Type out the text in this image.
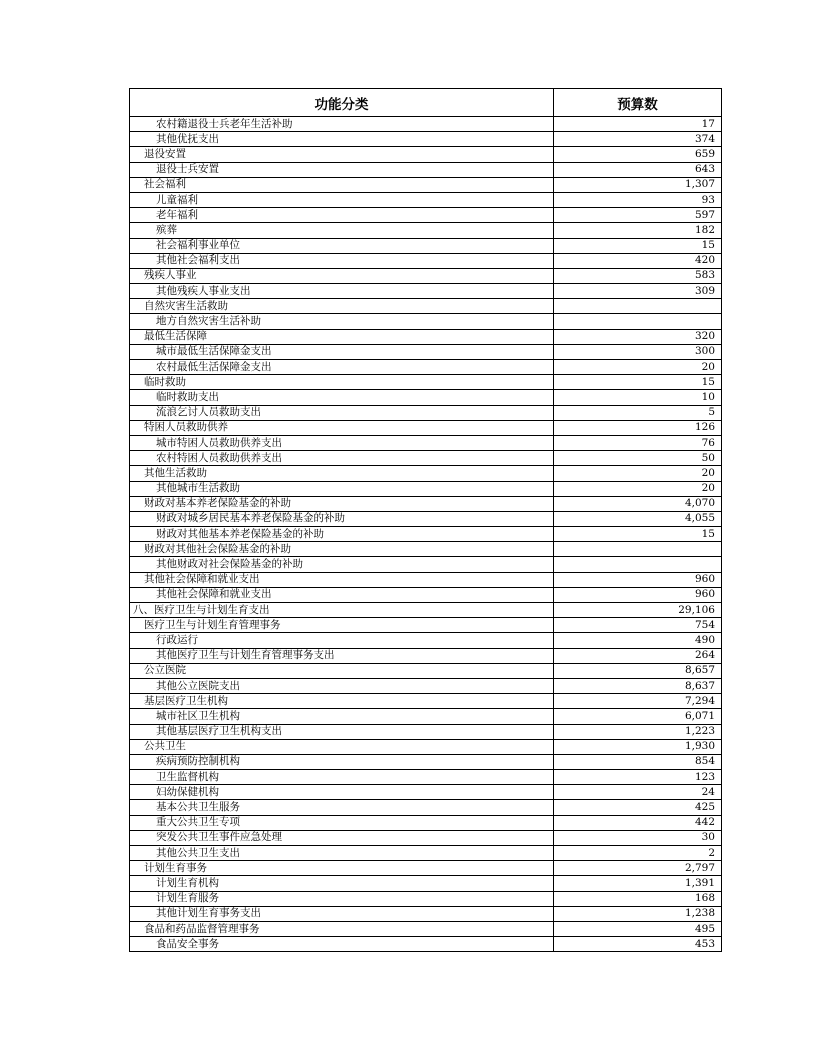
功能分类	预算数
农村籍退役士兵老年生活补助	17
其他优抚支出	374
退役安置	659
退役士兵安置	643
社会福利	1,307
儿童福利	93
老年福利	597
殡葬	182
社会福利事业单位	15
其他社会福利支出	420
残疾人事业	583
其他残疾人事业支出	309
自然灾害生活救助	
地方自然灾害生活补助	
最低生活保障	320
城市最低生活保障金支出	300
农村最低生活保障金支出	20
临时救助	15
临时救助支出	10
流浪乞讨人员救助支出	5
特困人员救助供养	126
城市特困人员救助供养支出	76
农村特困人员救助供养支出	50
其他生活救助	20
其他城市生活救助	20
财政对基本养老保险基金的补助	4,070
财政对城乡居民基本养老保险基金的补助	4,055
财政对其他基本养老保险基金的补助	15
财政对其他社会保险基金的补助	
其他财政对社会保险基金的补助	
其他社会保障和就业支出	960
其他社会保障和就业支出	960
八、医疗卫生与计划生育支出	29,106
医疗卫生与计划生育管理事务	754
行政运行	490
其他医疗卫生与计划生育管理事务支出	264
公立医院	8,657
其他公立医院支出	8,637
基层医疗卫生机构	7,294
城市社区卫生机构	6,071
其他基层医疗卫生机构支出	1,223
公共卫生	1,930
疾病预防控制机构	854
卫生监督机构	123
妇幼保健机构	24
基本公共卫生服务	425
重大公共卫生专项	442
突发公共卫生事件应急处理	30
其他公共卫生支出	2
计划生育事务	2,797
计划生育机构	1,391
计划生育服务	168
其他计划生育事务支出	1,238
食品和药品监督管理事务	495
食品安全事务	453
